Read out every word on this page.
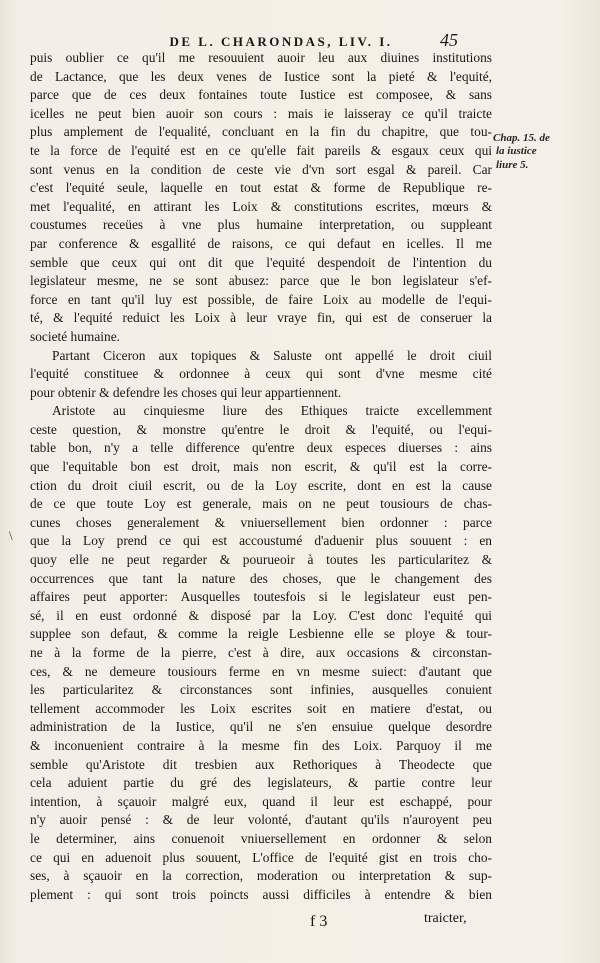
DE L. CHARONDAS, LIV. I.	45
puis oublier ce qu'il me resouuient auoir leu aux diuines institutions
de Lactance, que les deux venes de Iustice sont la pieté & l'equité,
parce que de ces deux fontaines toute Iustice est composee, & sans
icelles ne peut bien auoir son cours : mais ie laisseray ce qu'il traicte
plus amplement de l'equalité, concluant en la fin du chapitre, que tou-
te la force de l'equité est en ce qu'elle fait pareils & esgaux ceux qui
sont venus en la condition de ceste vie d'vn sort esgal & pareil. Car
c'est l'equité seule, laquelle en tout estat & forme de Republique re-
met l'equalité, en attirant les Loix & constitutions escrites, mœurs &
coustumes receües à vne plus humaine interpretation, ou suppleant
par conference & esgallité de raisons, ce qui defaut en icelles. Il me
semble que ceux qui ont dit que l'equité despendoit de l'intention du
legislateur mesme, ne se sont abusez: parce que le bon legislateur s'ef-
force en tant qu'il luy est possible, de faire Loix au modelle de l'equi-
té, & l'equité reduict les Loix à leur vraye fin, qui est de conseruer la
societé humaine.
Partant Ciceron aux topiques & Saluste ont appellé le droit ciuil
l'equité constituee & ordonnee à ceux qui sont d'vne mesme cité
pour obtenir & defendre les choses qui leur appartiennent.
Aristote au cinquiesme liure des Ethiques traicte excellemment
ceste question, & monstre qu'entre le droit & l'equité, ou l'equi-
table bon, n'y a telle difference qu'entre deux especes diuerses : ains
que l'equitable bon est droit, mais non escrit, & qu'il est la corre-
ction du droit ciuil escrit, ou de la Loy escrite, dont en est la cause
de ce que toute Loy est generale, mais on ne peut tousiours de chas-
cunes choses generalement & vniuersellement bien ordonner : parce
que la Loy prend ce qui est accoustumé d'aduenir plus souuent : en
quoy elle ne peut regarder & pourueoir à toutes les particularitez &
occurrences que tant la nature des choses, que le changement des
affaires peut apporter: Ausquelles toutesfois si le legislateur eust pen-
sé, il en eust ordonné & disposé par la Loy. C'est donc l'equité qui
supplee son defaut, & comme la reigle Lesbienne elle se ploye & tour-
ne à la forme de la pierre, c'est à dire, aux occasions & circonstan-
ces, & ne demeure tousiours ferme en vn mesme suiect: d'autant que
les particularitez & circonstances sont infinies, ausquelles conuient
tellement accommoder les Loix escrites soit en matiere d'estat, ou
administration de la Iustice, qu'il ne s'en ensuiue quelque desordre
& inconuenient contraire à la mesme fin des Loix. Parquoy il me
semble qu'Aristote dit tresbien aux Rethoriques à Theodecte que
cela aduient partie du gré des legislateurs, & partie contre leur
intention, à sçauoir malgré eux, quand il leur est eschappé, pour
n'y auoir pensé : & de leur volonté, d'autant qu'ils n'auroyent peu
le determiner, ains conuenoit vniuersellement en ordonner & selon
ce qui en aduenoit plus souuent, L'office de l'equité gist en trois cho-
ses, à sçauoir en la correction, moderation ou interpretation & sup-
plement : qui sont trois poincts aussi difficiles à entendre & bien
Chap. 15. de
la iustice
liure 5.
\
f 3	traicter,
